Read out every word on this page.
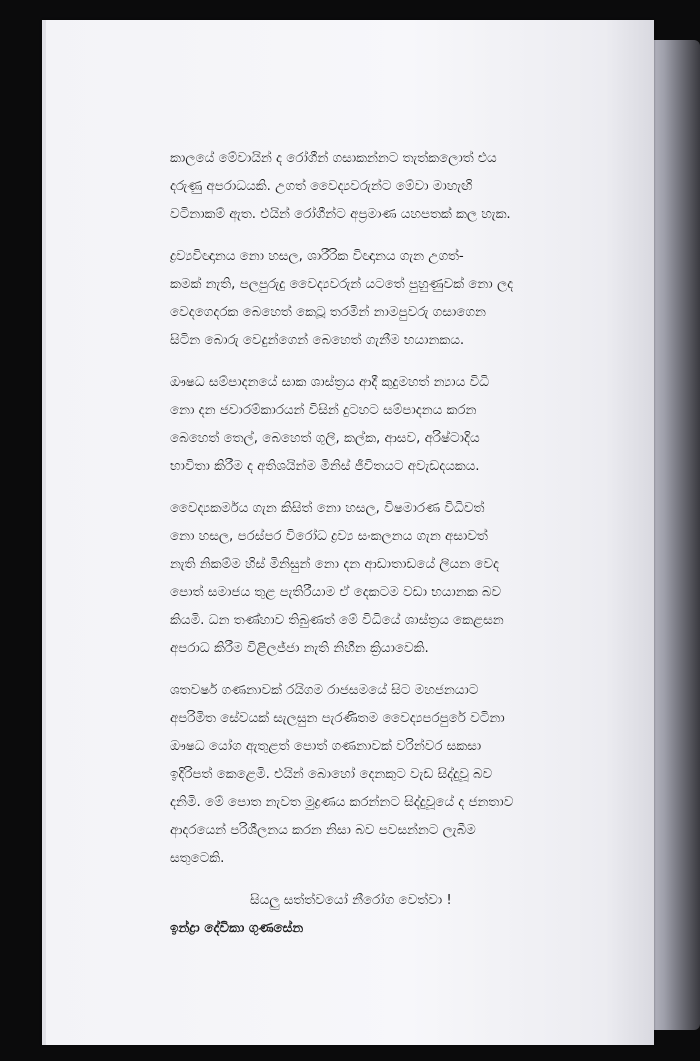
කාලයේ මේවායින් ද රෝගීන් ගසාකන්නට තැත්කලොත් එය
දරුණු අපරාධයකි. උගත් වෛද්‍යවරුන්ට මේවා මාහැඟි
වටිනාකම් ඇත. එයින් රෝගීන්ට අප්‍රමාණ යහපතක් කල හැක.
ද්‍රව්‍යවිඥානය නො හසල, ශාරීරික විඥානය ගැන උගත්-
කමක් නැති, පලපුරුදු වෛද්‍යවරුන් යටතේ පුහුණුවක් නො ලද
වෙදගෙදරක බෙහෙත් කෙටූ තරමින් නාමපුවරු ගසාගෙන
සිටින බොරු වෙදුන්ගෙන් බෙහෙත් ගැනීම භයානකය.
ඖෂධ සම්පාදනයේ සාක ශාස්ත්‍රය ආදී කුදුමහත් න්‍යාය විධි
නො දන ජවාරම්කාරයන් විසින් දුටහට සම්පාදනය කරන
බෙහෙත් තෙල්, බෙහෙත් ගුලි, කල්ක, ආසව, අරිෂ්ටාදිය
භාවිතා කිරීම ද අතිශයින්ම මිනිස් ජීවිතයට අවැඩදයකය.
වෛද්‍යකර්මය ගැන කිසිත් නො හසල, විෂමාරණ විධිවත්
නො හසල, පරස්පර විරෝධ ද්‍රව්‍ය සංකලනය ගැන අසාවත්
නැති නිකම්ම හිස් මිනිසුන් නො දන ආඩාතාඩයේ ලියන වෙද
පොත් සමාජය තුළ පැතිරීයාම ඒ දෙකටම වඩා භයානක බව
කියමි. ධන තණ්හාව තිබුණත් මේ විධියේ ශාස්ත්‍රය කෙළසන
අපරාධ කිරීම විළිලජ්ජා නැති නිහීන ක්‍රියාවෙකි.
ශතවර්ෂ ගණනාවක් රයිගම රාජසමයේ සිට මහජනයාට
අපරිමිත සේවයක් සැලසුන පැරණිතම වෛද්‍යපරපුරේ වටිනා
ඖෂධ යෝග ඇතුළත් පොත් ගණනාවක් වරින්වර සකසා
ඉදිරිපත් කෙළෙමි. එයින් බොහෝ දෙනකුට වැඩ සිද්දුවූ බව
දනිමි. මේ පොත නැවත මුද්‍රණය කරන්නට සිද්දුවූයේ ද ජනතාව
ආදරයෙන් පරිශීලනය කරන නිසා බව පවසන්නට ලැබීම
සතුටෙකි.

සියලු සත්ත්වයෝ නීරෝග වෙත්වා !

ඉන්ද්‍රා දේවිකා ගුණසේන
